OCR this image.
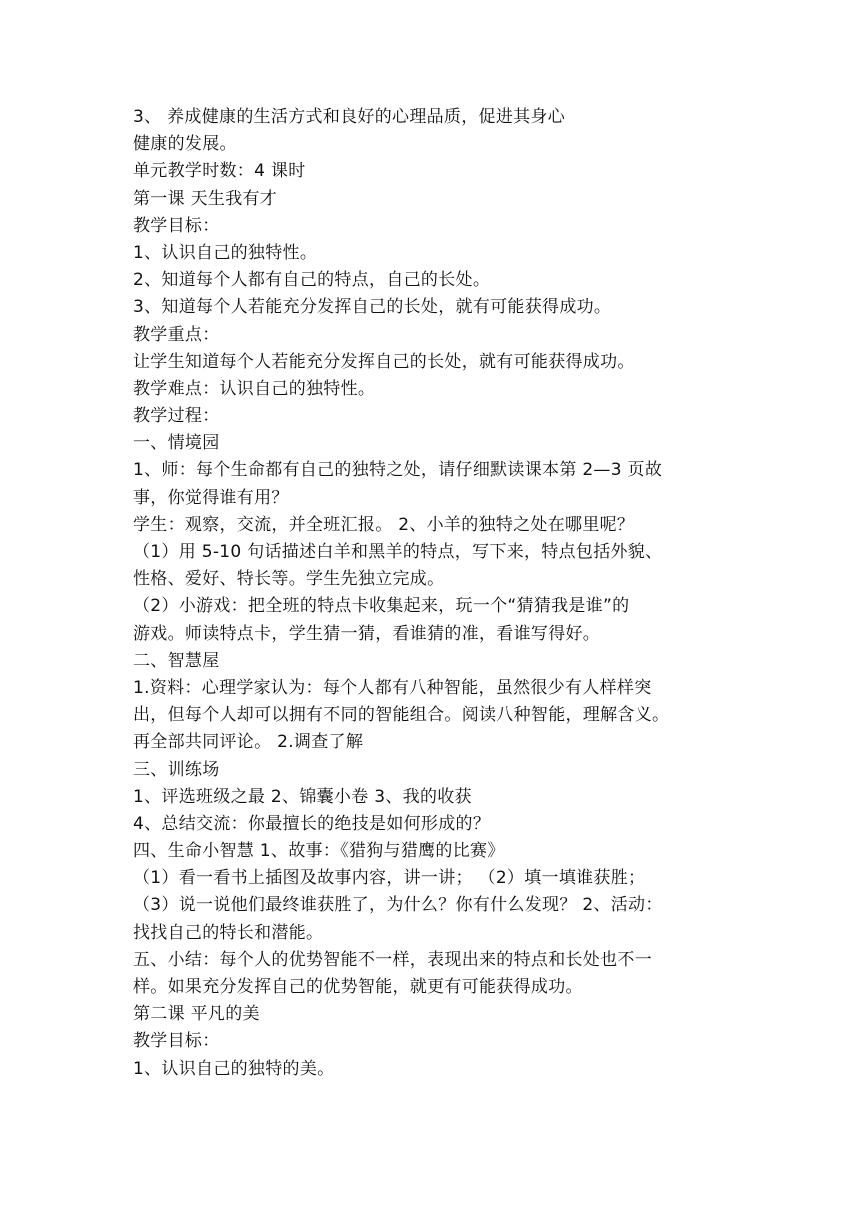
3、 养成健康的生活方式和良好的心理品质，促进其身心
健康的发展。
单元教学时数：4 课时
第一课 天生我有才
教学目标：
1、认识自己的独特性。
2、知道每个人都有自己的特点，自己的长处。
3、知道每个人若能充分发挥自己的长处，就有可能获得成功。
教学重点：
让学生知道每个人若能充分发挥自己的长处，就有可能获得成功。
教学难点：认识自己的独特性。
教学过程：
一、情境园
1、师：每个生命都有自己的独特之处，请仔细默读课本第 2—3 页故
事，你觉得谁有用？
学生：观察，交流，并全班汇报。 2、小羊的独特之处在哪里呢？
（1）用 5-10 句话描述白羊和黑羊的特点，写下来，特点包括外貌、
性格、爱好、特长等。学生先独立完成。
（2）小游戏：把全班的特点卡收集起来，玩一个“猜猜我是谁”的
游戏。师读特点卡，学生猜一猜，看谁猜的准，看谁写得好。
二、智慧屋
1.资料：心理学家认为：每个人都有八种智能，虽然很少有人样样突
出，但每个人却可以拥有不同的智能组合。阅读八种智能，理解含义。
再全部共同评论。 2.调查了解
三、训练场
1、评选班级之最 2、锦囊小卷 3、我的收获
4、总结交流：你最擅长的绝技是如何形成的？
四、生命小智慧 1、故事：《猎狗与猎鹰的比赛》
（1）看一看书上插图及故事内容，讲一讲； （2）填一填谁获胜；
（3）说一说他们最终谁获胜了，为什么？你有什么发现？ 2、活动：
找找自己的特长和潜能。
五、小结：每个人的优势智能不一样，表现出来的特点和长处也不一
样。如果充分发挥自己的优势智能，就更有可能获得成功。
第二课 平凡的美
教学目标：
1、认识自己的独特的美。
